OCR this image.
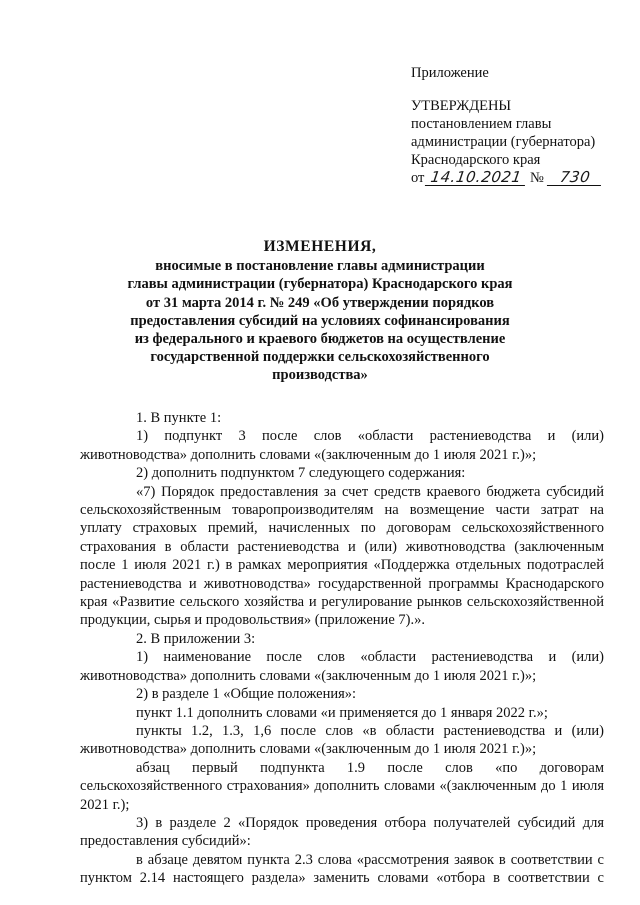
Приложение
УТВЕРЖДЕНЫ
постановлением главы
администрации (губернатора)
Краснодарского края
от 14.10.2021 № 730
ИЗМЕНЕНИЯ,
вносимые в постановление главы администрации
главы администрации (губернатора) Краснодарского края
от 31 марта 2014 г. № 249 «Об утверждении порядков
предоставления субсидий на условиях софинансирования
из федерального и краевого бюджетов на осуществление
государственной поддержки сельскохозяйственного
производства»

1. В пункте 1:

1) подпункт 3 после слов «области растениеводства и (или) животноводства» дополнить словами «(заключенным до 1 июля 2021 г.)»;

2) дополнить подпунктом 7 следующего содержания:

«7) Порядок предоставления за счет средств краевого бюджета субсидий сельскохозяйственным товаропроизводителям на возмещение части затрат на уплату страховых премий, начисленных по договорам сельскохозяйственного страхования в области растениеводства и (или) животноводства (заключенным после 1 июля 2021 г.) в рамках мероприятия «Поддержка отдельных подотраслей растениеводства и животноводства» государственной программы Краснодарского края «Развитие сельского хозяйства и регулирование рынков сельскохозяйственной продукции, сырья и продовольствия» (приложение 7).».

2. В приложении 3:

1) наименование после слов «области растениеводства и (или) животноводства» дополнить словами «(заключенным до 1 июля 2021 г.)»;

2) в разделе 1 «Общие положения»:

пункт 1.1 дополнить словами «и применяется до 1 января 2022 г.»;

пункты 1.2, 1.3, 1,6 после слов «в области растениеводства и (или) животноводства» дополнить словами «(заключенным до 1 июля 2021 г.)»;

абзац первый подпункта 1.9 после слов «по договорам сельскохозяйственного страхования» дополнить словами «(заключенным до 1 июля 2021 г.);

3) в разделе 2 «Порядок проведения отбора получателей субсидий для предоставления субсидий»:

в абзаце девятом пункта 2.3 слова «рассмотрения заявок в соответствии с пунктом 2.14 настоящего раздела» заменить словами «отбора в соответствии с
